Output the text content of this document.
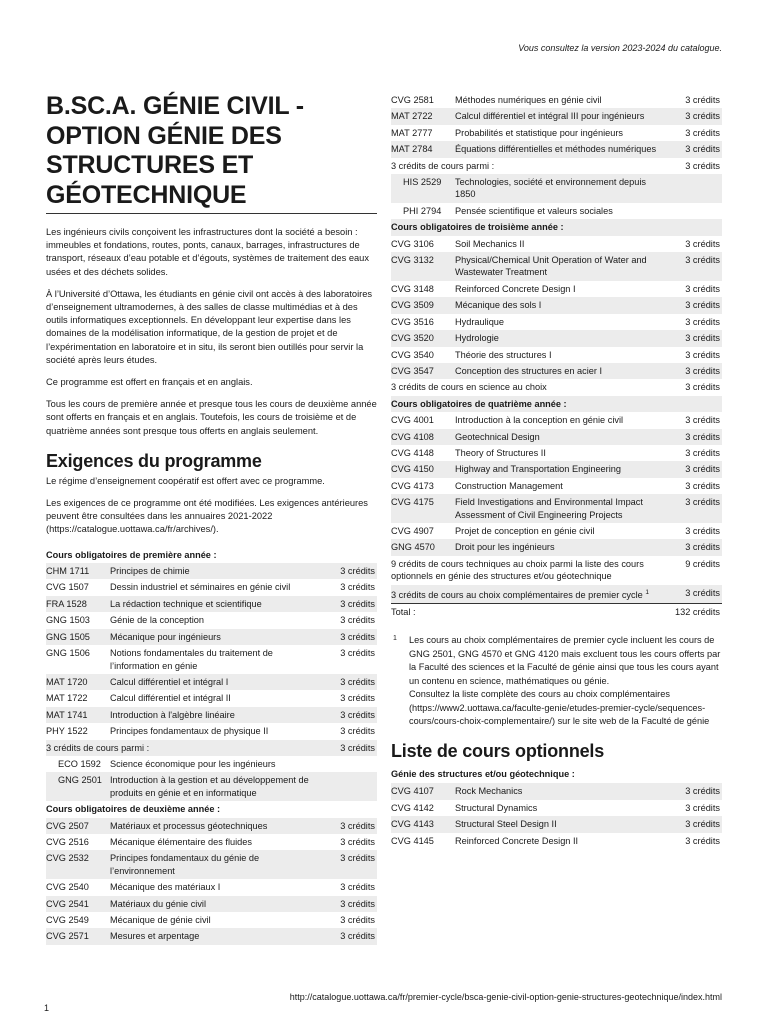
Vous consultez la version 2023-2024 du catalogue.
B.SC.A. GÉNIE CIVIL - OPTION GÉNIE DES STRUCTURES ET GÉOTECHNIQUE

Les ingénieurs civils conçoivent les infrastructures dont la société a besoin : immeubles et fondations, routes, ponts, canaux, barrages, infrastructures de transport, réseaux d’eau potable et d’égouts, systèmes de traitement des eaux usées et des déchets solides.

À l’Université d’Ottawa, les étudiants en génie civil ont accès à des laboratoires d’enseignement ultramodernes, à des salles de classe multimédias et à des outils informatiques exceptionnels. En développant leur expertise dans les domaines de la modélisation informatique, de la gestion de projet et de l’expérimentation en laboratoire et in situ, ils seront bien outillés pour servir la société après leurs études.

Ce programme est offert en français et en anglais.

Tous les cours de première année et presque tous les cours de deuxième année sont offerts en français et en anglais. Toutefois, les cours de troisième et de quatrième années sont presque tous offerts en anglais seulement.

Exigences du programme

Le régime d’enseignement coopératif est offert avec ce programme.

Les exigences de ce programme ont été modifiées. Les exigences antérieures peuvent être consultées dans les annuaires 2021-2022 (https://catalogue.uottawa.ca/fr/archives/).

Cours obligatoires de première année :		
CHM 1711	Principes de chimie	3 crédits
CVG 1507	Dessin industriel et séminaires en génie civil	3 crédits
FRA 1528	La rédaction technique et scientifique	3 crédits
GNG 1503	Génie de la conception	3 crédits
GNG 1505	Mécanique pour ingénieurs	3 crédits
GNG 1506	Notions fondamentales du traitement de l’information en génie	3 crédits
MAT 1720	Calcul différentiel et intégral I	3 crédits
MAT 1722	Calcul différentiel et intégral II	3 crédits
MAT 1741	Introduction à l'algèbre linéaire	3 crédits
PHY 1522	Principes fondamentaux de physique II	3 crédits
3 crédits de cours parmi :		3 crédits
ECO 1592	Science économique pour les ingénieurs	
GNG 2501	Introduction à la gestion et au développement de produits en génie et en informatique	
Cours obligatoires de deuxième année :		
CVG 2507	Matériaux et processus géotechniques	3 crédits
CVG 2516	Mécanique élémentaire des fluides	3 crédits
CVG 2532	Principes fondamentaux du génie de l’environnement	3 crédits
CVG 2540	Mécanique des matériaux I	3 crédits
CVG 2541	Matériaux du génie civil	3 crédits
CVG 2549	Mécanique de génie civil	3 crédits
CVG 2571	Mesures et arpentage	3 crédits
CVG 2581	Méthodes numériques en génie civil	3 crédits
MAT 2722	Calcul différentiel et intégral III pour ingénieurs	3 crédits
MAT 2777	Probabilités et statistique pour ingénieurs	3 crédits
MAT 2784	Équations différentielles et méthodes numériques	3 crédits
3 crédits de cours parmi :		3 crédits
HIS 2529	Technologies, société et environnement depuis 1850	
PHI 2794	Pensée scientifique et valeurs sociales	
Cours obligatoires de troisième année :		
CVG 3106	Soil Mechanics II	3 crédits
CVG 3132	Physical/Chemical Unit Operation of Water and Wastewater Treatment	3 crédits
CVG 3148	Reinforced Concrete Design I	3 crédits
CVG 3509	Mécanique des sols I	3 crédits
CVG 3516	Hydraulique	3 crédits
CVG 3520	Hydrologie	3 crédits
CVG 3540	Théorie des structures I	3 crédits
CVG 3547	Conception des structures en acier I	3 crédits
3 crédits de cours en science au choix		3 crédits
Cours obligatoires de quatrième année :		
CVG 4001	Introduction à la conception en génie civil	3 crédits
CVG 4108	Geotechnical Design	3 crédits
CVG 4148	Theory of Structures II	3 crédits
CVG 4150	Highway and Transportation Engineering	3 crédits
CVG 4173	Construction Management	3 crédits
CVG 4175	Field Investigations and Environmental Impact Assessment of Civil Engineering Projects	3 crédits
CVG 4907	Projet de conception en génie civil	3 crédits
GNG 4570	Droit pour les ingénieurs	3 crédits
9 crédits de cours techniques au choix parmi la liste des cours optionnels en génie des structures et/ou géotechnique		9 crédits
3 crédits de cours au choix complémentaires de premier cycle $^1$		3 crédits
Total :		132 crédits
1 Les cours au choix complémentaires de premier cycle incluent les cours de GNG 2501, GNG 4570 et GNG 4120 mais excluent tous les cours offerts par la Faculté des sciences et la Faculté de génie ainsi que tous les cours ayant un contenu en science, mathématiques ou génie.
Consultez la liste complète des cours au choix complémentaires (https://www2.uottawa.ca/faculte-genie/etudes-premier-cycle/sequences-cours/cours-choix-complementaire/) sur le site web de la Faculté de génie
Liste de cours optionnels
Génie des structures et/ou géotechnique :
CVG 4107	Rock Mechanics	3 crédits
CVG 4142	Structural Dynamics	3 crédits
CVG 4143	Structural Steel Design II	3 crédits
CVG 4145	Reinforced Concrete Design II	3 crédits
http://catalogue.uottawa.ca/fr/premier-cycle/bsca-genie-civil-option-genie-structures-geotechnique/index.html
1
